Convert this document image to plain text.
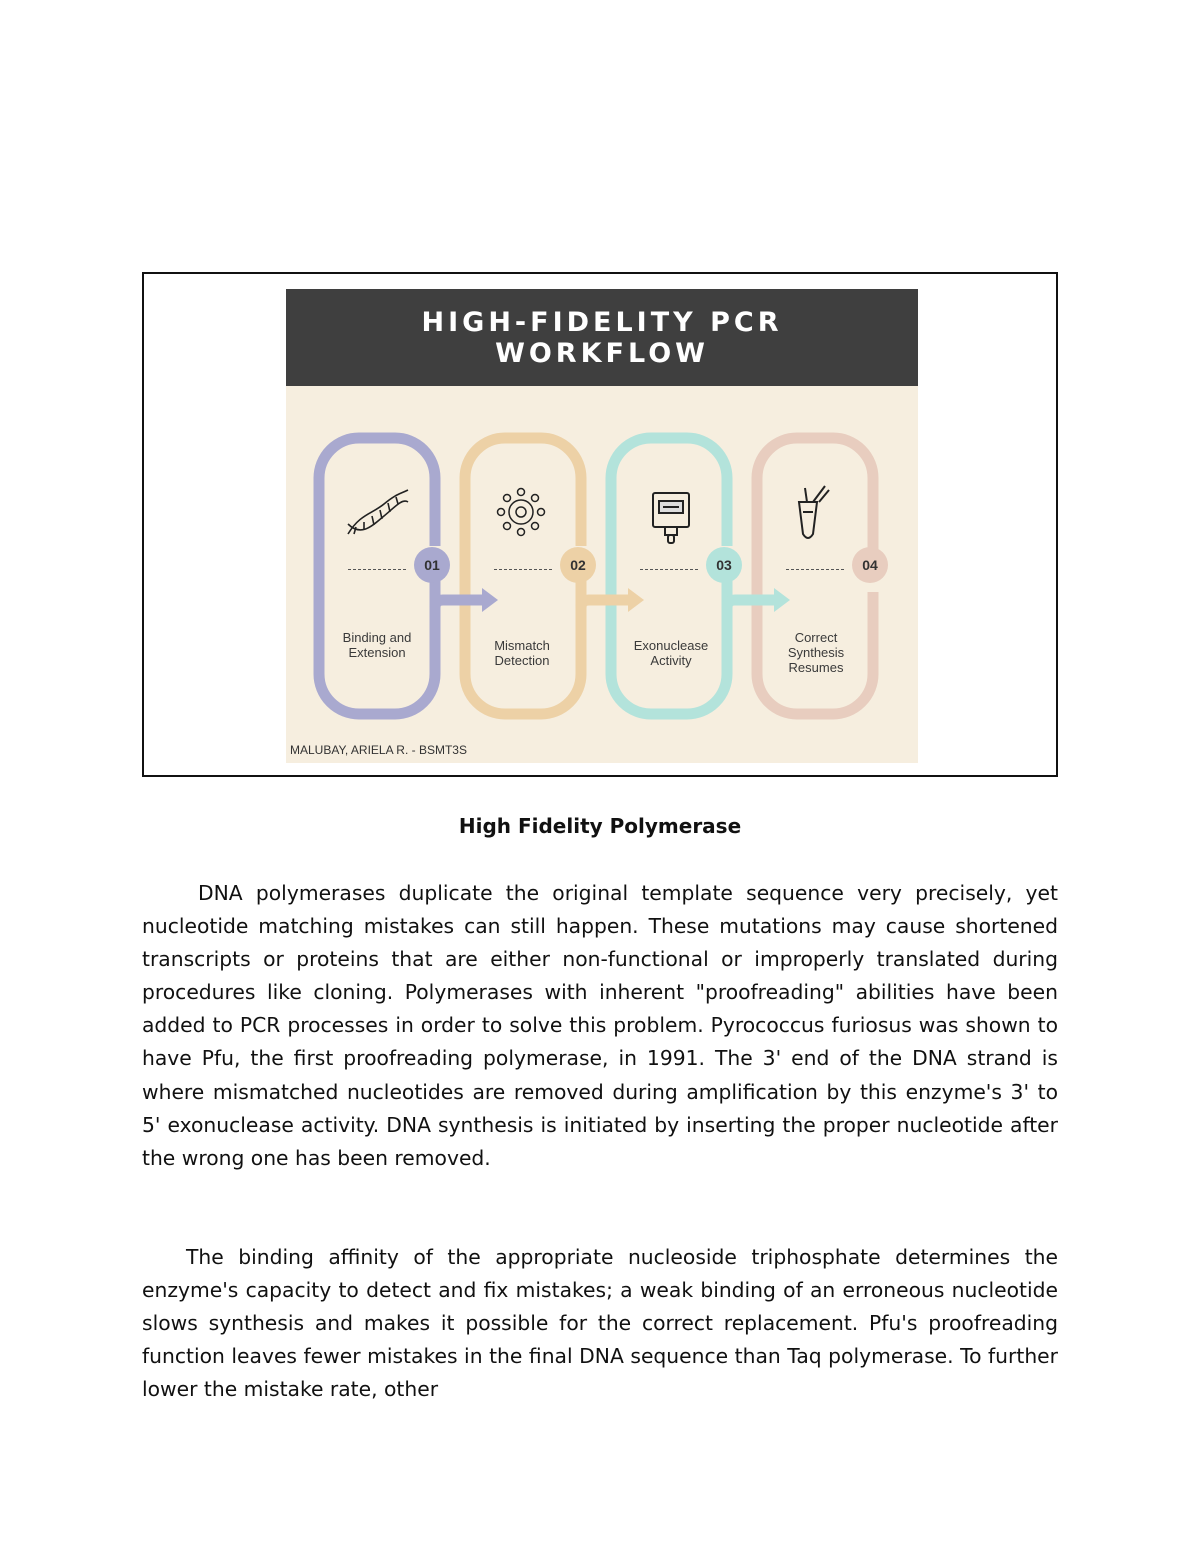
HIGH-FIDELITY PCR
WORKFLOW
01	02	03	04
Binding and Extension	Mismatch Detection
Exonuclease Activity
Correct Synthesis Resumes
MALUBAY, ARIELA R. - BSMT3S
High Fidelity Polymerase

DNA polymerases duplicate the original template sequence very precisely, yet nucleotide matching mistakes can still happen. These mutations may cause shortened transcripts or proteins that are either non-functional or improperly translated during procedures like cloning. Polymerases with inherent "proofreading" abilities have been added to PCR processes in order to solve this problem. Pyrococcus furiosus was shown to have Pfu, the first proofreading polymerase, in 1991. The 3' end of the DNA strand is where mismatched nucleotides are removed during amplification by this enzyme's 3' to 5' exonuclease activity. DNA synthesis is initiated by inserting the proper nucleotide after the wrong one has been removed.

The binding affinity of the appropriate nucleoside triphosphate determines the enzyme's capacity to detect and fix mistakes; a weak binding of an erroneous nucleotide slows synthesis and makes it possible for the correct replacement. Pfu's proofreading function leaves fewer mistakes in the final DNA sequence than Taq polymerase. To further lower the mistake rate, other
